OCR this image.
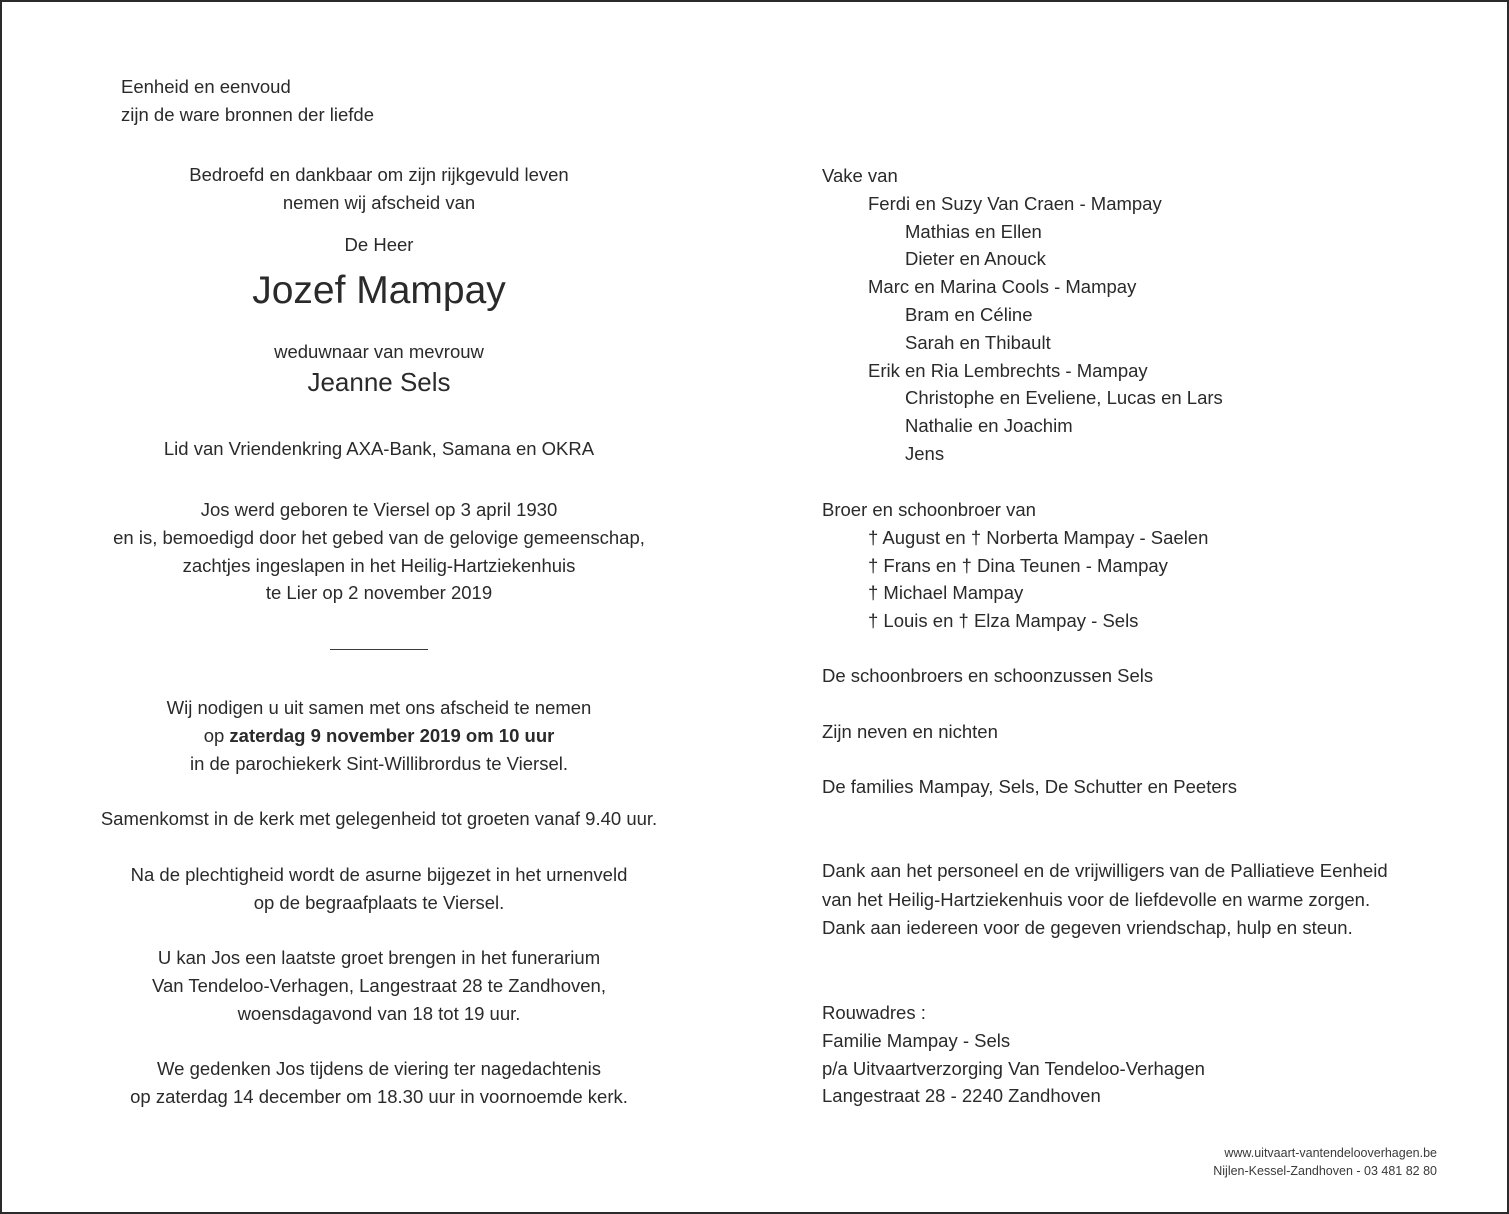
Eenheid en eenvoud
zijn de ware bronnen der liefde
Bedroefd en dankbaar om zijn rijkgevuld leven
nemen wij afscheid van
De Heer
Jozef Mampay
weduwnaar van mevrouw
Jeanne Sels
Lid van Vriendenkring AXA-Bank, Samana en OKRA
Jos werd geboren te Viersel op 3 april 1930
en is, bemoedigd door het gebed van de gelovige gemeenschap,
zachtjes ingeslapen in het Heilig-Hartziekenhuis
te Lier op 2 november 2019
Wij nodigen u uit samen met ons afscheid te nemen
op zaterdag 9 november 2019 om 10 uur
in de parochiekerk Sint-Willibrordus te Viersel.
Samenkomst in de kerk met gelegenheid tot groeten vanaf 9.40 uur.
Na de plechtigheid wordt de asurne bijgezet in het urnenveld
op de begraafplaats te Viersel.
U kan Jos een laatste groet brengen in het funerarium
Van Tendeloo-Verhagen, Langestraat 28 te Zandhoven,
woensdagavond van 18 tot 19 uur.
We gedenken Jos tijdens de viering ter nagedachtenis
op zaterdag 14 december om 18.30 uur in voornoemde kerk.
Vake van
Ferdi en Suzy Van Craen - Mampay
Mathias en Ellen
Dieter en Anouck
Marc en Marina Cools - Mampay
Bram en Céline
Sarah en Thibault
Erik en Ria Lembrechts - Mampay
Christophe en Eveliene, Lucas en Lars
Nathalie en Joachim
Jens
Broer en schoonbroer van
† August en † Norberta Mampay - Saelen
† Frans en † Dina Teunen - Mampay
† Michael Mampay
† Louis en † Elza Mampay - Sels
De schoonbroers en schoonzussen Sels
Zijn neven en nichten
De families Mampay, Sels, De Schutter en Peeters
Dank aan het personeel en de vrijwilligers van de Palliatieve Eenheid
van het Heilig-Hartziekenhuis voor de liefdevolle en warme zorgen.
Dank aan iedereen voor de gegeven vriendschap, hulp en steun.
Rouwadres :
Familie Mampay - Sels
p/a Uitvaartverzorging Van Tendeloo-Verhagen
Langestraat 28 - 2240 Zandhoven
www.uitvaart-vantendelooverhagen.be
Nijlen-Kessel-Zandhoven - 03 481 82 80
